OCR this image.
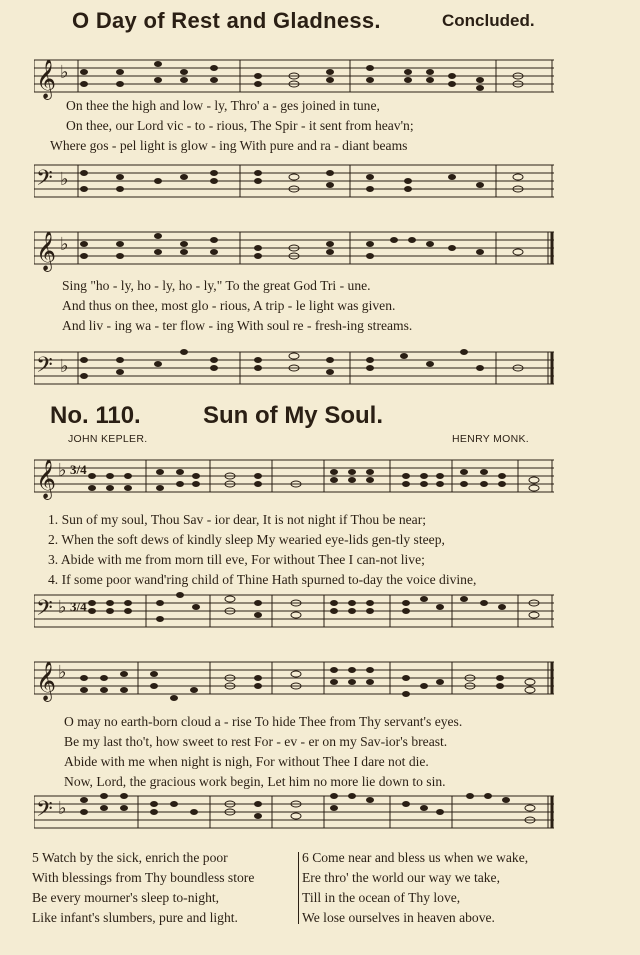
O Day of Rest and Gladness.	Concluded.
𝄞 ♭
On thee the high and low - ly, Thro' a - ges joined in tune,
On thee, our Lord vic - to - rious, The Spir - it sent from heav'n;
Where gos - pel light is glow - ing With pure and ra - diant beams
𝄢 ♭
𝄞 ♭
Sing "ho - ly, ho - ly, ho - ly," To the great God Tri - une.
And thus on thee, most glo - rious, A trip - le light was given.
And liv - ing wa - ter flow - ing With soul re - fresh-ing streams.
𝄢 ♭
No. 110.	Sun of My Soul.
JOHN KEPLER.	HENRY MONK.
𝄞 ♭ 3/4
1. Sun of my soul, Thou Sav - ior dear, It is not night if Thou be near;
2. When the soft dews of kindly sleep My wearied eye-lids gen-tly steep,
3. Abide with me from morn till eve, For without Thee I can-not live;
4. If some poor wand'ring child of Thine Hath spurned to-day the voice divine,
𝄢 ♭ 3/4
𝄞 ♭
O may no earth-born cloud a - rise To hide Thee from Thy servant's eyes.
Be my last tho't, how sweet to rest For - ev - er on my Sav-ior's breast.
Abide with me when night is nigh, For without Thee I dare not die.
Now, Lord, the gracious work begin, Let him no more lie down to sin.
𝄢 ♭
5 Watch by the sick, enrich the poor
With blessings from Thy boundless store
Be every mourner's sleep to-night,
Like infant's slumbers, pure and light.
6 Come near and bless us when we wake,
Ere thro' the world our way we take,
Till in the ocean of Thy love,
We lose ourselves in heaven above.
